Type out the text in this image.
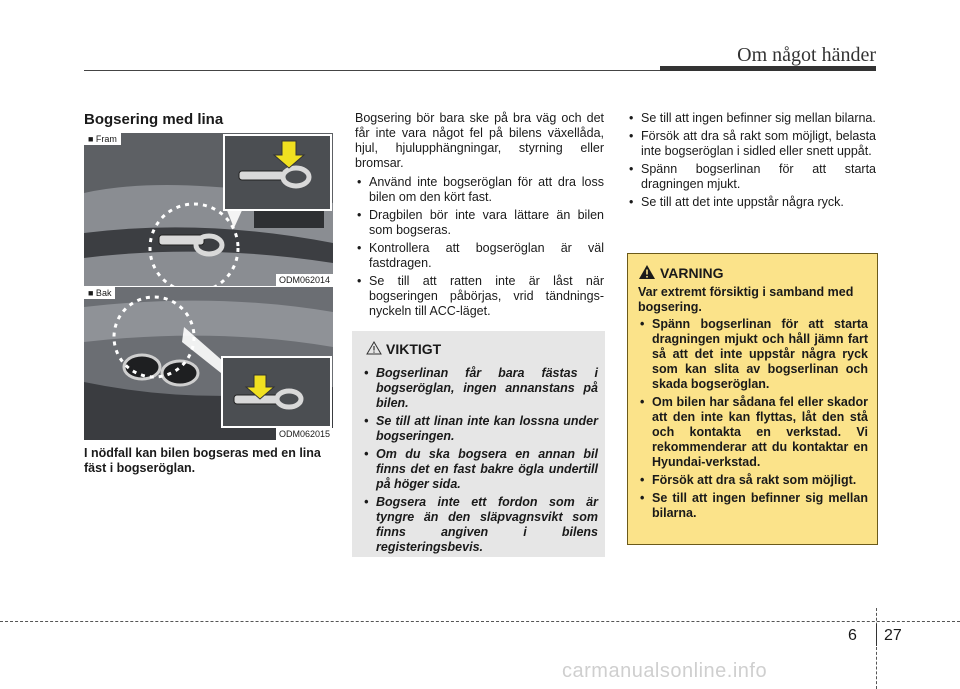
Om något händer
Bogsering med lina
■ Fram
ODM062014
■ Bak
ODM062015
I nödfall kan bilen bogseras med en lina fäst i bogseröglan.

Bogsering bör bara ske på bra väg och det får inte vara något fel på bilens växellåda, hjul, hjulupphängningar, styrning eller bromsar.

• Använd inte bogseröglan för att dra loss bilen om den kört fast.
• Dragbilen bör inte vara lättare än bilen som bogseras.
• Kontrollera att bogseröglan är väl fastdragen.
• Se till att ratten inte är låst när bogseringen påbörjas, vrid tändnings-nyckeln till ACC-läget.
VIKTIGT
• Bogserlinan får bara fästas i bogseröglan, ingen annanstans på bilen.
• Se till att linan inte kan lossna under bogseringen.
• Om du ska bogsera en annan bil finns det en fast bakre ögla undertill på höger sida.
• Bogsera inte ett fordon som är tyngre än den släpvagnsvikt som finns angiven i bilens registeringsbevis.
• Se till att ingen befinner sig mellan bilarna.
• Försök att dra så rakt som möjligt, belasta inte bogseröglan i sidled eller snett uppåt.
• Spänn bogserlinan för att starta dragningen mjukt.
• Se till att det inte uppstår några ryck.
VARNING
Var extremt försiktig i samband med bogsering.
• Spänn bogserlinan för att starta dragningen mjukt och håll jämn fart så att det inte uppstår några ryck som kan slita av bogserlinan och skada bogseröglan.
• Om bilen har sådana fel eller skador att den inte kan flyttas, låt den stå och kontakta en verkstad. Vi rekommenderar att du kontaktar en Hyundai-verkstad.
• Försök att dra så rakt som möjligt.
• Se till att ingen befinner sig mellan bilarna.
6 27
carmanualsonline.info
